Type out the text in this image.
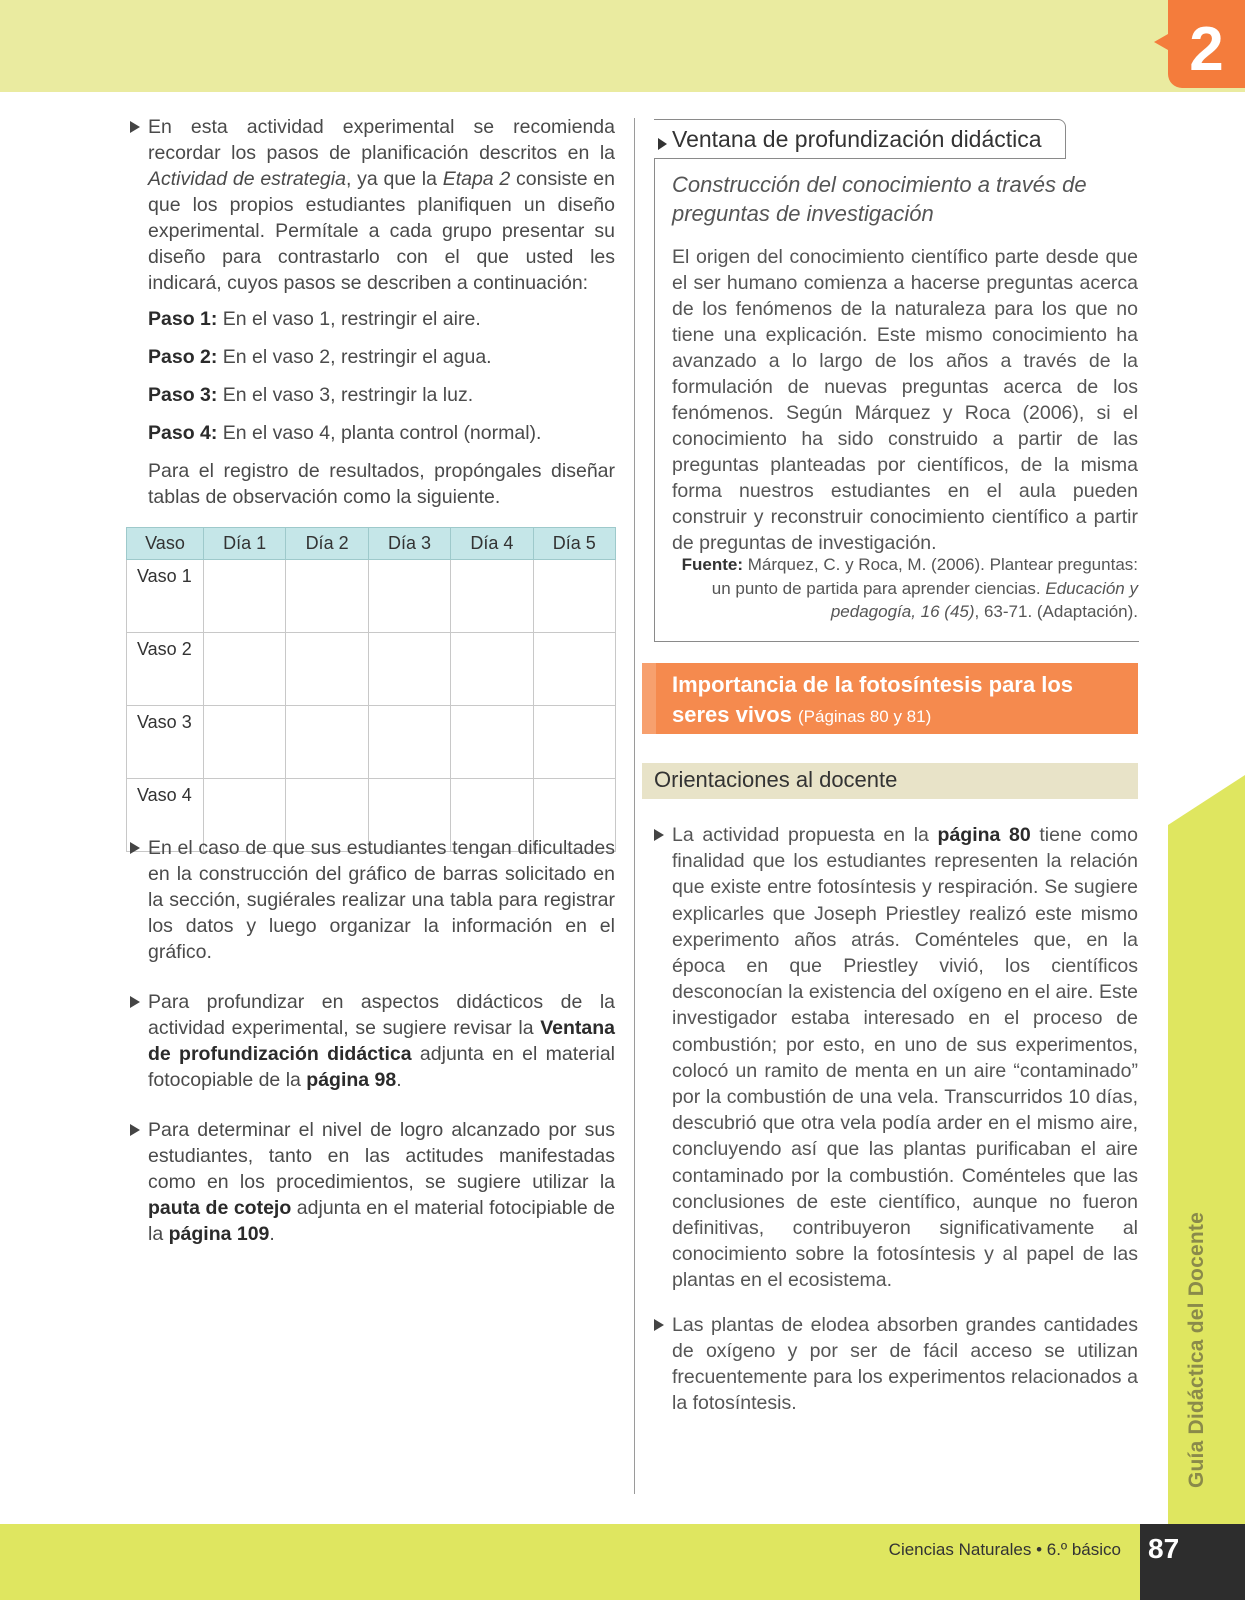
2
Guía Didáctica del Docente

En esta actividad experimental se recomienda recordar los pasos de planificación descritos en la Actividad de estrategia, ya que la Etapa 2 consiste en que los propios estudiantes planifiquen un diseño experimental. Permítale a cada grupo presentar su diseño para contrastarlo con el que usted les indicará, cuyos pasos se describen a continuación:

Paso 1: En el vaso 1, restringir el aire.

Paso 2: En el vaso 2, restringir el agua.

Paso 3: En el vaso 3, restringir la luz.

Paso 4: En el vaso 4, planta control (normal).

Para el registro de resultados, propóngales diseñar tablas de observación como la siguiente.

Vaso	Día 1	Día 2	Día 3	Día 4	Día 5
Vaso 1					
Vaso 2					
Vaso 3					
Vaso 4					

En el caso de que sus estudiantes tengan dificultades en la construcción del gráfico de barras solicitado en la sección, sugiérales realizar una tabla para registrar los datos y luego organizar la información en el gráfico.

Para profundizar en aspectos didácticos de la actividad experimental, se sugiere revisar la Ventana de profundización didáctica adjunta en el material fotocopiable de la página 98.

Para determinar el nivel de logro alcanzado por sus estudiantes, tanto en las actitudes manifestadas como en los procedimientos, se sugiere utilizar la pauta de cotejo adjunta en el material fotocipiable de la página 109.

Ventana de profundización didáctica
Construcción del conocimiento a través de preguntas de investigación
El origen del conocimiento científico parte desde que el ser humano comienza a hacerse preguntas acerca de los fenómenos de la naturaleza para los que no tiene una explicación. Este mismo conocimiento ha avanzado a lo largo de los años a través de la formulación de nuevas preguntas acerca de los fenómenos. Según Márquez y Roca (2006), si el conocimiento ha sido construido a partir de las preguntas planteadas por científicos, de la misma forma nuestros estudiantes en el aula pueden construir y reconstruir conocimiento científico a partir de preguntas de investigación.
Fuente: Márquez, C. y Roca, M. (2006). Plantear preguntas: un punto de partida para aprender ciencias. Educación y pedagogía, 16 (45), 63-71. (Adaptación).
Importancia de la fotosíntesis para los seres vivos (Páginas 80 y 81)
Orientaciones al docente

La actividad propuesta en la página 80 tiene como finalidad que los estudiantes representen la relación que existe entre fotosíntesis y respiración. Se sugiere explicarles que Joseph Priestley realizó este mismo experimento años atrás. Coménteles que, en la época en que Priestley vivió, los científicos desconocían la existencia del oxígeno en el aire. Este investigador estaba interesado en el proceso de combustión; por esto, en uno de sus experimentos, colocó un ramito de menta en un aire “contaminado” por la combustión de una vela. Transcurridos 10 días, descubrió que otra vela podía arder en el mismo aire, concluyendo así que las plantas purificaban el aire contaminado por la combustión. Coménteles que las conclusiones de este científico, aunque no fueron definitivas, contribuyeron significativamente al conocimiento sobre la fotosíntesis y al papel de las plantas en el ecosistema.

Las plantas de elodea absorben grandes cantidades de oxígeno y por ser de fácil acceso se utilizan frecuentemente para los experimentos relacionados a la fotosíntesis.

Ciencias Naturales • 6.º básico 87
